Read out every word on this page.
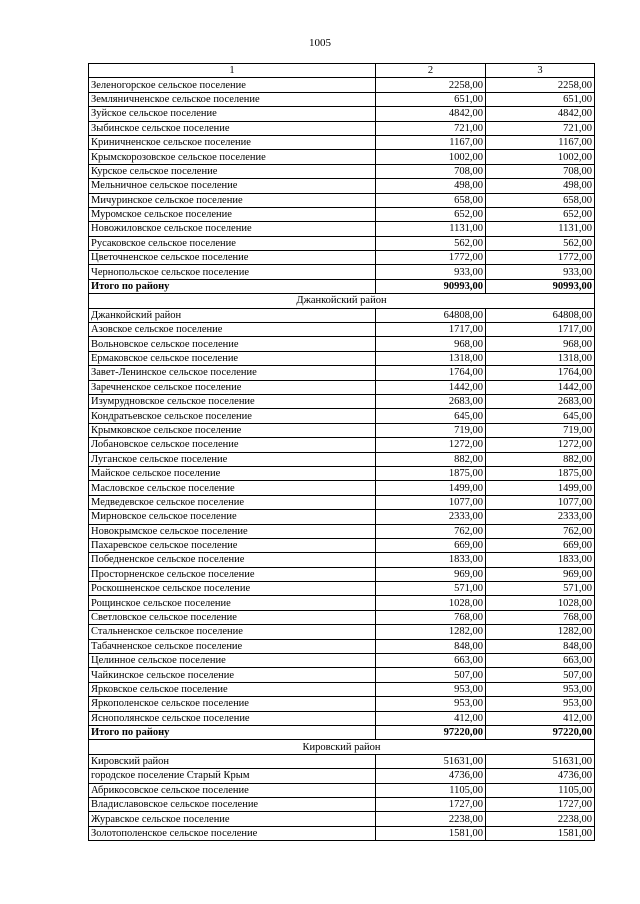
1005
1	2	3
Зеленогорское сельское поселение	2258,00	2258,00
Земляничненское сельское поселение	651,00	651,00
Зуйское сельское поселение	4842,00	4842,00
Зыбинское сельское поселение	721,00	721,00
Криничненское сельское поселение	1167,00	1167,00
Крымскорозовское сельское поселение	1002,00	1002,00
Курское сельское поселение	708,00	708,00
Мельничное сельское поселение	498,00	498,00
Мичуринское сельское поселение	658,00	658,00
Муромское сельское поселение	652,00	652,00
Новожиловское сельское поселение	1131,00	1131,00
Русаковское сельское поселение	562,00	562,00
Цветочненское сельское поселение	1772,00	1772,00
Чернопольское сельское поселение	933,00	933,00
Итого по району	90993,00	90993,00
Джанкойский район		
Джанкойский район	64808,00	64808,00
Азовское сельское поселение	1717,00	1717,00
Вольновское сельское поселение	968,00	968,00
Ермаковское сельское поселение	1318,00	1318,00
Завет-Ленинское сельское поселение	1764,00	1764,00
Заречненское сельское поселение	1442,00	1442,00
Изумрудновское сельское поселение	2683,00	2683,00
Кондратьевское сельское поселение	645,00	645,00
Крымковское сельское поселение	719,00	719,00
Лобановское сельское поселение	1272,00	1272,00
Луганское сельское поселение	882,00	882,00
Майское сельское поселение	1875,00	1875,00
Масловское сельское поселение	1499,00	1499,00
Медведевское сельское поселение	1077,00	1077,00
Мирновское сельское поселение	2333,00	2333,00
Новокрымское сельское поселение	762,00	762,00
Пахаревское сельское поселение	669,00	669,00
Победненское сельское поселение	1833,00	1833,00
Просторненское сельское поселение	969,00	969,00
Роскошненское сельское поселение	571,00	571,00
Рощинское сельское поселение	1028,00	1028,00
Светловское сельское поселение	768,00	768,00
Стальненское сельское поселение	1282,00	1282,00
Табачненское сельское поселение	848,00	848,00
Целинное сельское поселение	663,00	663,00
Чайкинское сельское поселение	507,00	507,00
Ярковское сельское поселение	953,00	953,00
Яркополенское сельское поселение	953,00	953,00
Яснополянское сельское поселение	412,00	412,00
Итого по району	97220,00	97220,00
Кировский район		
Кировский район	51631,00	51631,00
городское поселение Старый Крым	4736,00	4736,00
Абрикосовское сельское поселение	1105,00	1105,00
Владиславовское сельское поселение	1727,00	1727,00
Журавское сельское поселение	2238,00	2238,00
Золотополенское сельское поселение	1581,00	1581,00
